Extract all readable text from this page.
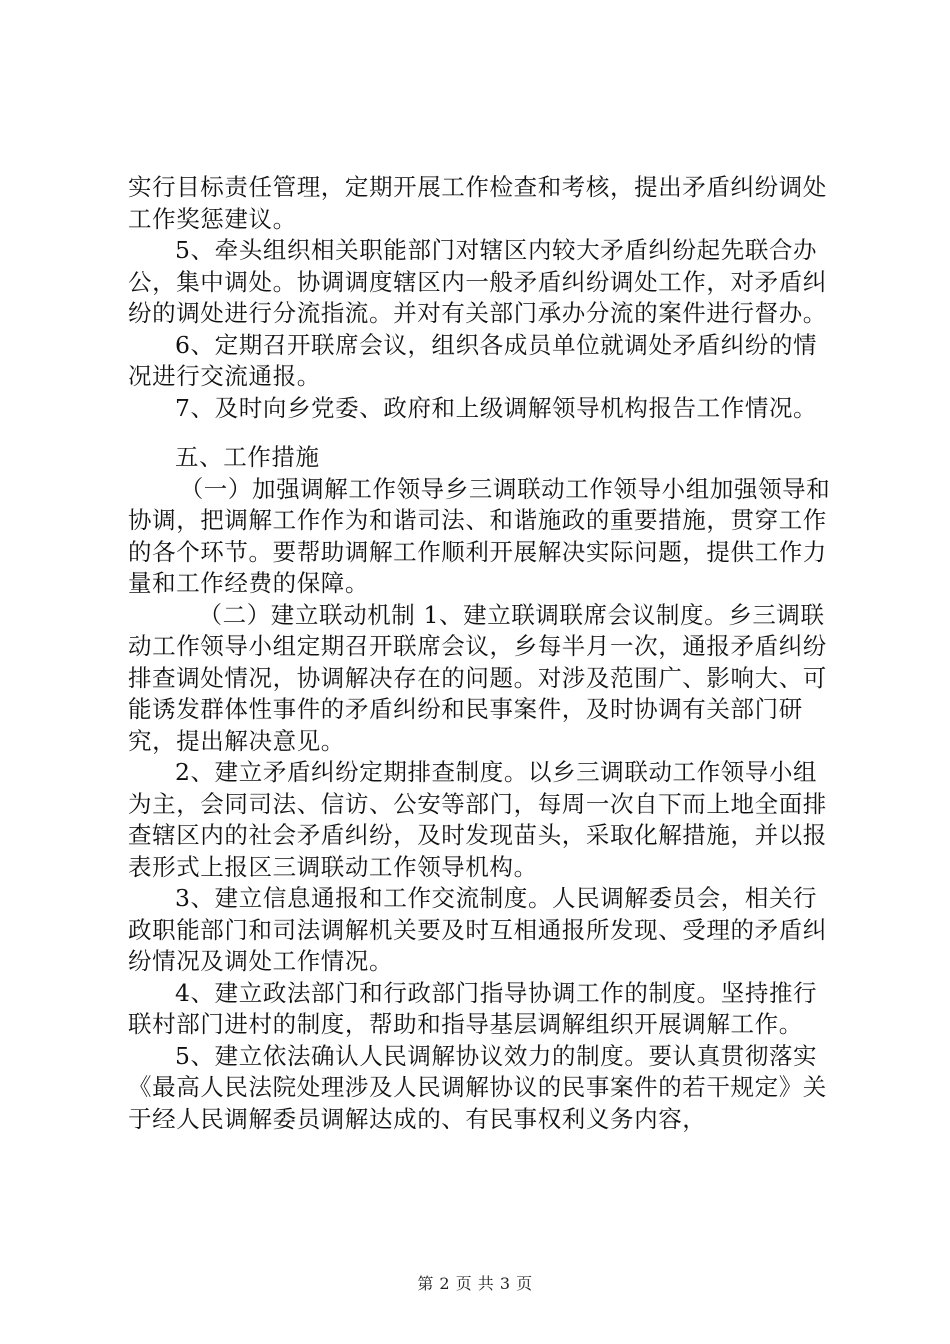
实行目标责任管理，定期开展工作检查和考核，提出矛盾纠纷调处工作奖惩建议。

5、牵头组织相关职能部门对辖区内较大矛盾纠纷起先联合办公，集中调处。协调调度辖区内一般矛盾纠纷调处工作，对矛盾纠纷的调处进行分流指流。并对有关部门承办分流的案件进行督办。

6、定期召开联席会议，组织各成员单位就调处矛盾纠纷的情况进行交流通报。

7、及时向乡党委、政府和上级调解领导机构报告工作情况。

五、工作措施

（一）加强调解工作领导乡三调联动工作领导小组加强领导和协调，把调解工作作为和谐司法、和谐施政的重要措施，贯穿工作的各个环节。要帮助调解工作顺利开展解决实际问题，提供工作力量和工作经费的保障。

（二）建立联动机制 1、建立联调联席会议制度。乡三调联动工作领导小组定期召开联席会议，乡每半月一次，通报矛盾纠纷排查调处情况，协调解决存在的问题。对涉及范围广、影响大、可能诱发群体性事件的矛盾纠纷和民事案件，及时协调有关部门研究，提出解决意见。

2、建立矛盾纠纷定期排查制度。以乡三调联动工作领导小组为主，会同司法、信访、公安等部门，每周一次自下而上地全面排查辖区内的社会矛盾纠纷，及时发现苗头，采取化解措施，并以报表形式上报区三调联动工作领导机构。

3、建立信息通报和工作交流制度。人民调解委员会，相关行政职能部门和司法调解机关要及时互相通报所发现、受理的矛盾纠纷情况及调处工作情况。

4、建立政法部门和行政部门指导协调工作的制度。坚持推行联村部门进村的制度，帮助和指导基层调解组织开展调解工作。

5、建立依法确认人民调解协议效力的制度。要认真贯彻落实《最高人民法院处理涉及人民调解协议的民事案件的若干规定》关于经人民调解委员调解达成的、有民事权利义务内容，

第 2 页 共 3 页
